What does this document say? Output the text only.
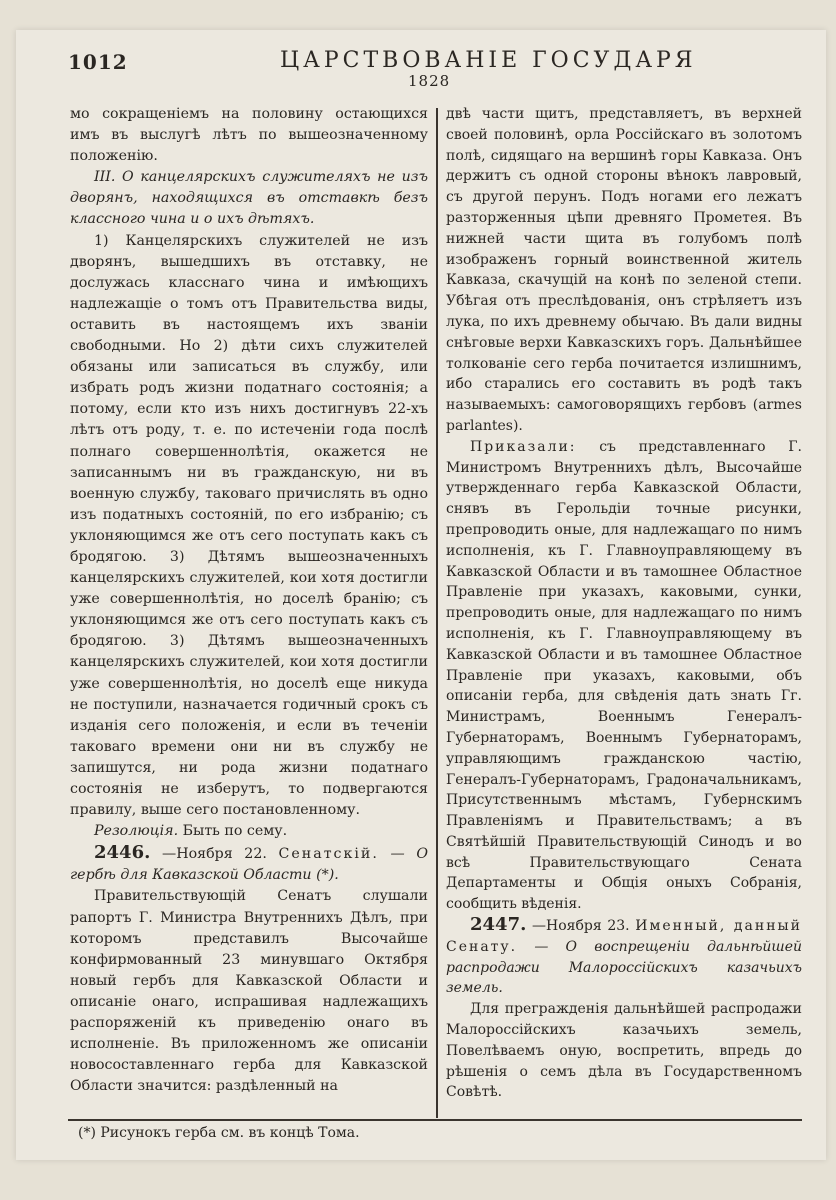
1012	ЦАРСТВОВАНІЕ ГОСУДАРЯ
1828

мо сокращеніемъ на половину остающихся имъ въ выслугѣ лѣтъ по вышеозначенному положенію.

III. О канцелярскихъ служителяхъ не изъ дворянъ, находящихся въ отставкѣ безъ классного чина и о ихъ дѣтяхъ.

1) Канцелярскихъ служителей не изъ дворянъ, вышедшихъ въ отставку, не дослужась класснаго чина и имѣющихъ надлежащіе о томъ отъ Правительства виды, оставить въ настоящемъ ихъ званіи свободными. Но 2) дѣти сихъ служителей обязаны или записаться въ службу, или избрать родъ жизни податнаго состоянія; а потому, если кто изъ нихъ достигнувъ 22-хъ лѣтъ отъ роду, т. е. по истеченіи года послѣ полнаго совершеннолѣтія, окажется не записаннымъ ни въ гражданскую, ни въ военную службу, таковаго причислять въ одно изъ податныхъ состояній, по его избранію; съ уклоняющимся же отъ сего поступать какъ съ бродягою. 3) Дѣтямъ вышеозначенныхъ канцелярскихъ служителей, кои хотя достигли уже совершеннолѣтія, но доселѣ бранію; съ уклоняющимся же отъ сего поступать какъ съ бродягою. 3) Дѣтямъ вышеозначенныхъ канцелярскихъ служителей, кои хотя достигли уже совершеннолѣтія, но доселѣ еще никуда не поступили, назначается годичный срокъ съ изданія сего положенія, и если въ теченіи таковаго времени они ни въ службу не запишутся, ни рода жизни податнаго состоянія не изберутъ, то подвергаются правилу, выше сего постановленному.

Резолюція. Быть по сему.

2446. —Ноября 22. Сенатскій. — О гербѣ для Кавказской Области (*).

Правительствующій Сенатъ слушали рапортъ Г. Министра Внутреннихъ Дѣлъ, при которомъ представилъ Высочайше конфирмованный 23 минувшаго Октября новый гербъ для Кавказской Области и описаніе онаго, испрашивая надлежащихъ распоряженій къ приведенію онаго въ исполненіе. Въ приложенномъ же описаніи новосоставленнаго герба для Кавказской Области значится: раздѣленный на

двѣ части щитъ, представляетъ, въ верхней своей половинѣ, орла Россійскаго въ золотомъ полѣ, сидящаго на вершинѣ горы Кавказа. Онъ держитъ съ одной стороны вѣнокъ лавровый, съ другой перунъ. Подъ ногами его лежатъ разторженныя цѣпи древняго Прометея. Въ нижней части щита въ голубомъ полѣ изображенъ горный воинственной житель Кавказа, скачущій на конѣ по зеленой степи. Убѣгая отъ преслѣдованія, онъ стрѣляетъ изъ лука, по ихъ древнему обычаю. Въ дали видны снѣговые верхи Кавказскихъ горъ. Дальнѣйшее толкованіе сего герба почитается излишнимъ, ибо старались его составить въ родѣ такъ называемыхъ: самоговорящихъ гербовъ (armes parlantes).

Приказали: съ представленнаго Г. Министромъ Внутреннихъ дѣлъ, Высочайше утвержденнаго герба Кавказской Области, снявъ въ Герольдіи точные рисунки, препроводить оные, для надлежащаго по нимъ исполненія, къ Г. Главноуправляющему въ Кавказской Области и въ тамошнее Областное Правленіе при указахъ, каковыми, сунки, препроводить оные, для надлежащаго по нимъ исполненія, къ Г. Главноуправляющему въ Кавказской Области и въ тамошнее Областное Правленіе при указахъ, каковыми, объ описаніи герба, для свѣденія дать знать Гг. Министрамъ, Военнымъ Генералъ-Губернаторамъ, Военнымъ Губернаторамъ, управляющимъ гражданскою частію, Генералъ-Губернаторамъ, Градоначальникамъ, Присутственнымъ мѣстамъ, Губернскимъ Правленіямъ и Правительствамъ; а въ Святѣйшій Правительствующій Синодъ и во всѣ Правительствующаго Сената Департаменты и Общія оныхъ Собранія, сообщить вѣденія.

2447. —Ноября 23. Именный, данный Сенату. — О воспрещеніи дальнѣйшей распродажи Малороссійскихъ казачьихъ земель.

Для прегражденія дальнѣйшей распродажи Малороссійскихъ казачьихъ земель, Повелѣваемъ оную, воспретить, впредь до рѣшенія о семъ дѣла въ Государственномъ Совѣтѣ.

(*) Рисунокъ герба см. въ концѣ Тома.
